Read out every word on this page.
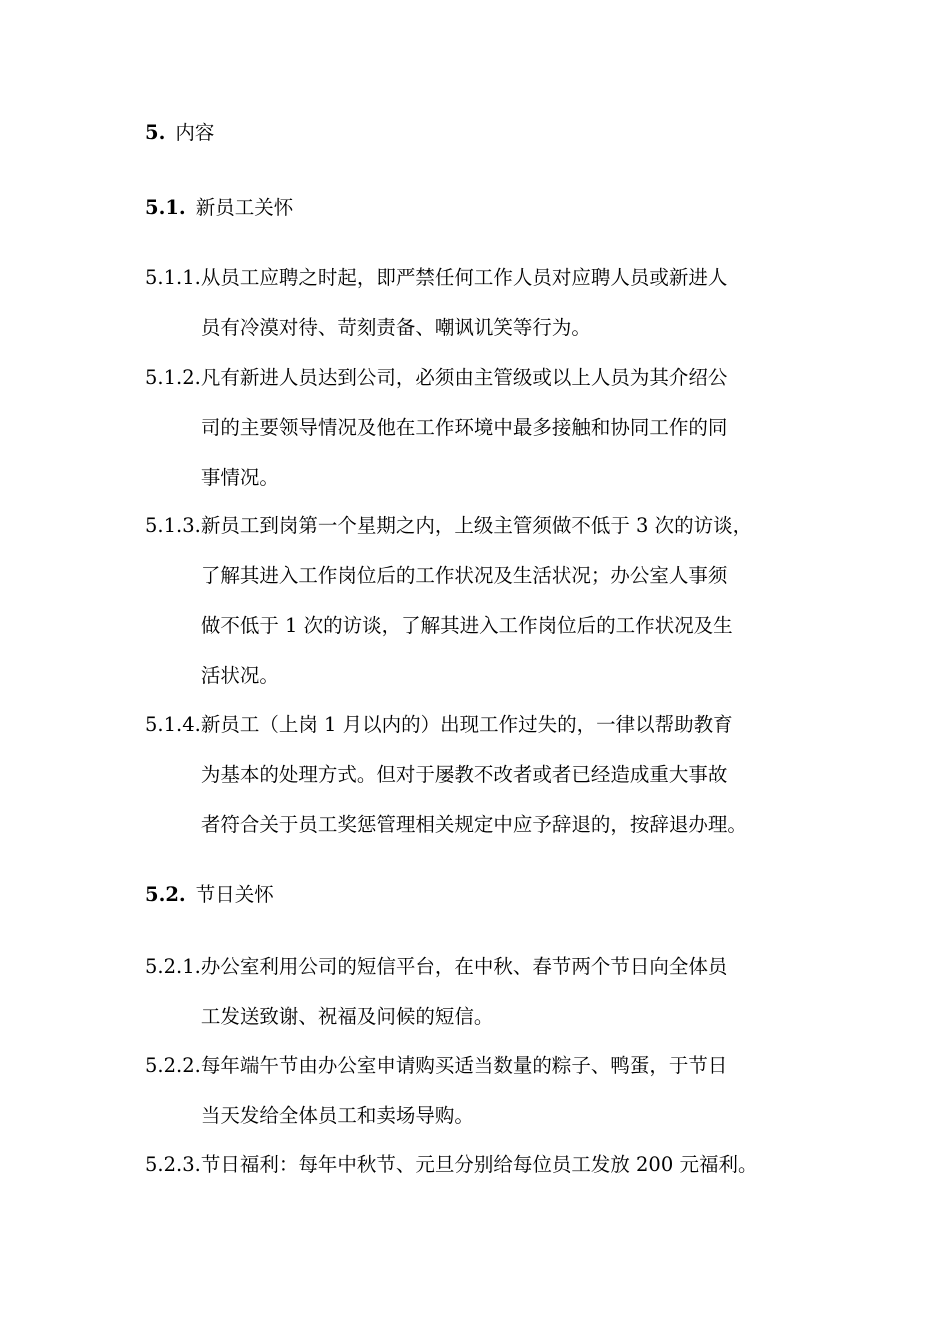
5. 内容
5.1. 新员工关怀
5.1.1. 从员工应聘之时起，即严禁任何工作人员对应聘人员或新进人
员有冷漠对待、苛刻责备、嘲讽讥笑等行为。
5.1.2. 凡有新进人员达到公司，必须由主管级或以上人员为其介绍公
司的主要领导情况及他在工作环境中最多接触和协同工作的同
事情况。
5.1.3. 新员工到岗第一个星期之内，上级主管须做不低于 3 次的访谈，
了解其进入工作岗位后的工作状况及生活状况；办公室人事须
做不低于 1 次的访谈，了解其进入工作岗位后的工作状况及生
活状况。
5.1.4. 新员工（上岗 1 月以内的）出现工作过失的，一律以帮助教育
为基本的处理方式。但对于屡教不改者或者已经造成重大事故
者符合关于员工奖惩管理相关规定中应予辞退的，按辞退办理。
5.2. 节日关怀
5.2.1. 办公室利用公司的短信平台，在中秋、春节两个节日向全体员
工发送致谢、祝福及问候的短信。
5.2.2. 每年端午节由办公室申请购买适当数量的粽子、鸭蛋，于节日
当天发给全体员工和卖场导购。
5.2.3. 节日福利：每年中秋节、元旦分别给每位员工发放 200 元福利。
